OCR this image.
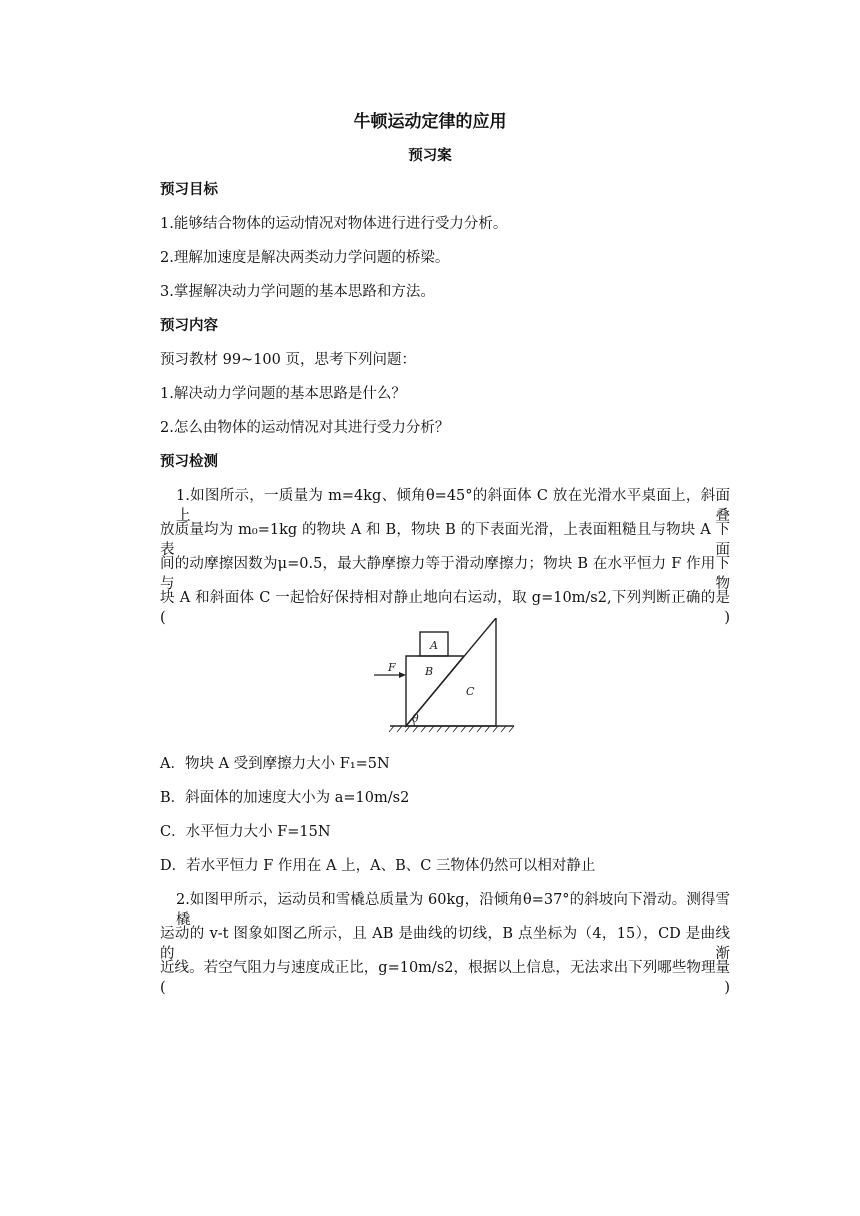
牛顿运动定律的应用
预习案
预习目标
1.能够结合物体的运动情况对物体进行进行受力分析。
2.理解加速度是解决两类动力学问题的桥梁。
3.掌握解决动力学问题的基本思路和方法。
预习内容
预习教材 99~100 页，思考下列问题：
1.解决动力学问题的基本思路是什么？
2.怎么由物体的运动情况对其进行受力分析？
预习检测
1.如图所示，一质量为 m=4kg、倾角θ=45°的斜面体 C 放在光滑水平桌面上，斜面上叠
放质量均为 m₀=1kg 的物块 A 和 B，物块 B 的下表面光滑，上表面粗糙且与物块 A 下表面
间的动摩擦因数为μ=0.5，最大静摩擦力等于滑动摩擦力；物块 B 在水平恒力 F 作用下与物
块 A 和斜面体 C 一起恰好保持相对静止地向右运动，取 g=10m/s2,下列判断正确的是(　　)
A
B
C
F
θ
A．物块 A 受到摩擦力大小 F₁=5N
B．斜面体的加速度大小为 a=10m/s2
C．水平恒力大小 F=15N
D．若水平恒力 F 作用在 A 上，A、B、C 三物体仍然可以相对静止
2.如图甲所示，运动员和雪橇总质量为 60kg，沿倾角θ=37°的斜坡向下滑动。测得雪橇
运动的 v-t 图象如图乙所示，且 AB 是曲线的切线，B 点坐标为（4，15），CD 是曲线的渐
近线。若空气阻力与速度成正比，g=10m/s2，根据以上信息，无法求出下列哪些物理量(　　)
